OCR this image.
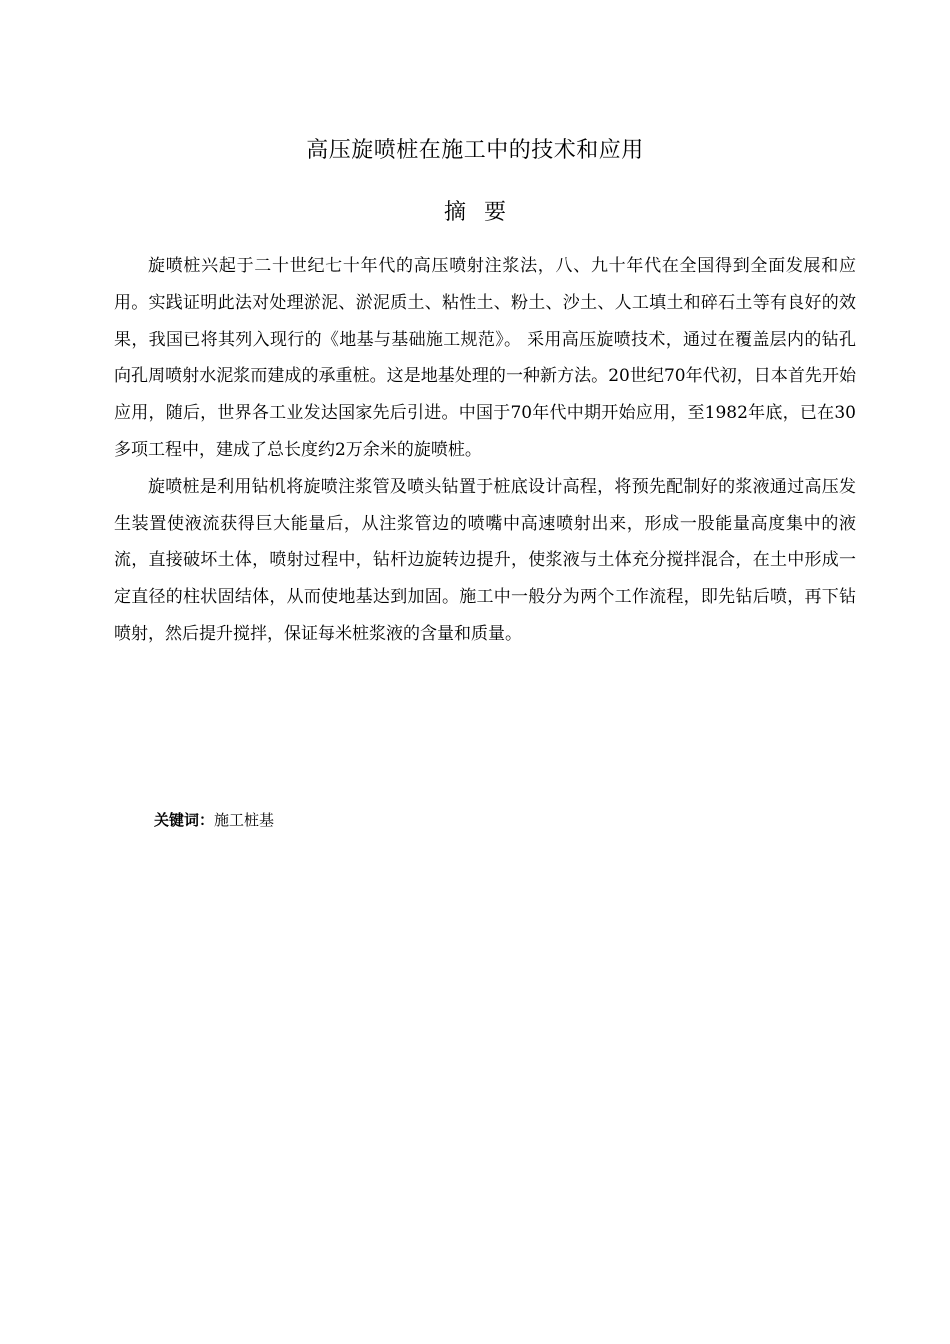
高压旋喷桩在施工中的技术和应用
摘要

旋喷桩兴起于二十世纪七十年代的高压喷射注浆法，八、九十年代在全国得到全面发展和应用。实践证明此法对处理淤泥、淤泥质土、粘性土、粉土、沙土、人工填土和碎石土等有良好的效果，我国已将其列入现行的《地基与基础施工规范》。 采用高压旋喷技术，通过在覆盖层内的钻孔向孔周喷射水泥浆而建成的承重桩。这是地基处理的一种新方法。20世纪70年代初，日本首先开始应用，随后，世界各工业发达国家先后引进。中国于70年代中期开始应用，至1982年底，已在30多项工程中，建成了总长度约2万余米的旋喷桩。

旋喷桩是利用钻机将旋喷注浆管及喷头钻置于桩底设计高程，将预先配制好的浆液通过高压发生装置使液流获得巨大能量后，从注浆管边的喷嘴中高速喷射出来，形成一股能量高度集中的液流，直接破坏土体，喷射过程中，钻杆边旋转边提升，使浆液与土体充分搅拌混合，在土中形成一定直径的柱状固结体，从而使地基达到加固。施工中一般分为两个工作流程，即先钻后喷，再下钻喷射，然后提升搅拌，保证每米桩浆液的含量和质量。

关键词：施工桩基
